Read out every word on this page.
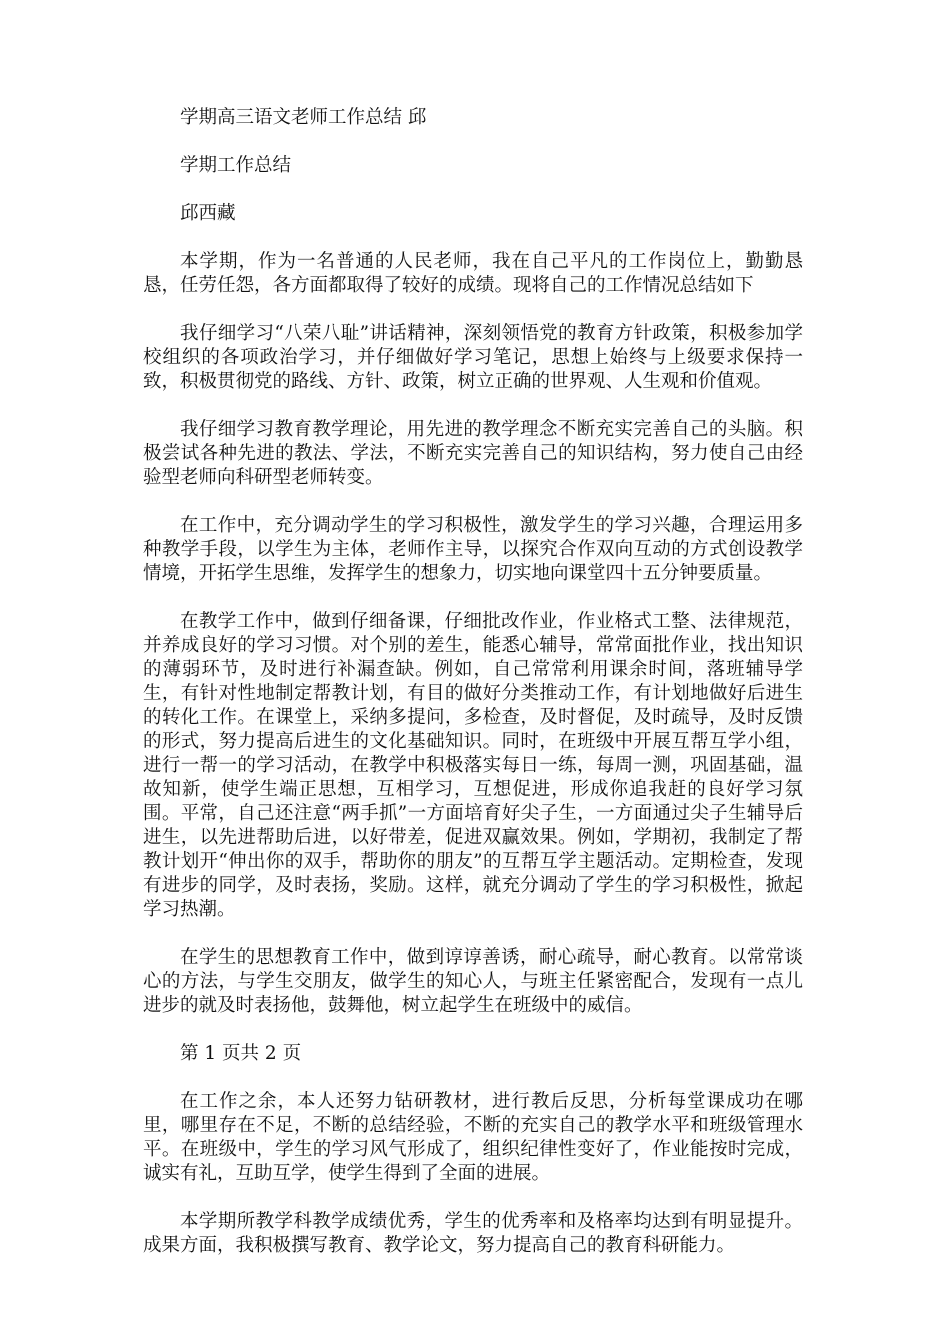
学期高三语文老师工作总结 邱

学期工作总结

邱西藏

本学期，作为一名普通的人民老师，我在自己平凡的工作岗位上，勤勤恳恳，任劳任怨，各方面都取得了较好的成绩。现将自己的工作情况总结如下

我仔细学习“八荣八耻”讲话精神，深刻领悟党的教育方针政策，积极参加学校组织的各项政治学习，并仔细做好学习笔记，思想上始终与上级要求保持一致，积极贯彻党的路线、方针、政策，树立正确的世界观、人生观和价值观。

我仔细学习教育教学理论，用先进的教学理念不断充实完善自己的头脑。积极尝试各种先进的教法、学法，不断充实完善自己的知识结构，努力使自己由经验型老师向科研型老师转变。

在工作中，充分调动学生的学习积极性，激发学生的学习兴趣，合理运用多种教学手段，以学生为主体，老师作主导，以探究合作双向互动的方式创设教学情境，开拓学生思维，发挥学生的想象力，切实地向课堂四十五分钟要质量。

在教学工作中，做到仔细备课，仔细批改作业，作业格式工整、法律规范，并养成良好的学习习惯。对个别的差生，能悉心辅导，常常面批作业，找出知识的薄弱环节，及时进行补漏查缺。例如，自己常常利用课余时间，落班辅导学生，有针对性地制定帮教计划，有目的做好分类推动工作，有计划地做好后进生的转化工作。在课堂上，采纳多提问，多检查，及时督促，及时疏导，及时反馈的形式，努力提高后进生的文化基础知识。同时，在班级中开展互帮互学小组，进行一帮一的学习活动，在教学中积极落实每日一练，每周一测，巩固基础，温故知新，使学生端正思想，互相学习，互想促进，形成你追我赶的良好学习氛围。平常，自己还注意“两手抓”一方面培育好尖子生，一方面通过尖子生辅导后进生，以先进帮助后进，以好带差，促进双赢效果。例如，学期初，我制定了帮教计划开“伸出你的双手，帮助你的朋友”的互帮互学主题活动。定期检查，发现有进步的同学，及时表扬，奖励。这样，就充分调动了学生的学习积极性，掀起学习热潮。

在学生的思想教育工作中，做到谆谆善诱，耐心疏导，耐心教育。以常常谈心的方法，与学生交朋友，做学生的知心人，与班主任紧密配合，发现有一点儿进步的就及时表扬他，鼓舞他，树立起学生在班级中的威信。

第 1 页共 2 页

在工作之余，本人还努力钻研教材，进行教后反思，分析每堂课成功在哪里，哪里存在不足，不断的总结经验，不断的充实自己的教学水平和班级管理水平。在班级中，学生的学习风气形成了，组织纪律性变好了，作业能按时完成，诚实有礼，互助互学，使学生得到了全面的进展。

本学期所教学科教学成绩优秀，学生的优秀率和及格率均达到有明显提升。成果方面，我积极撰写教育、教学论文，努力提高自己的教育科研能力。
